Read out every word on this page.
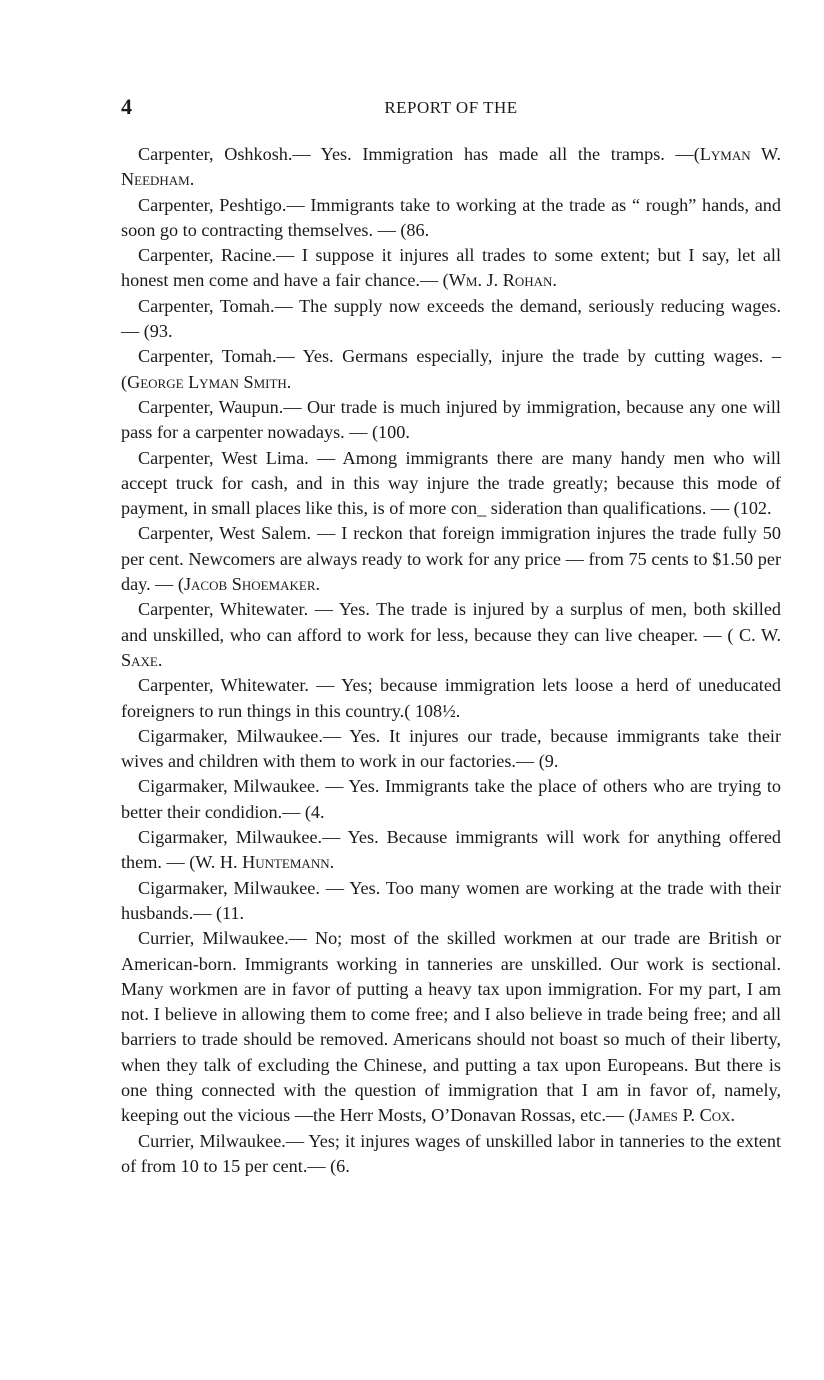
4	REPORT OF THE

Carpenter, Oshkosh.— Yes. Immigration has made all the tramps. —(Lyman W. Needham.

Carpenter, Peshtigo.— Immigrants take to working at the trade as “ rough” hands, and soon go to contracting themselves. — (86.

Carpenter, Racine.— I suppose it injures all trades to some extent; but I say, let all honest men come and have a fair chance.— (Wm. J. Rohan.

Carpenter, Tomah.— The supply now exceeds the demand, seriously reducing wages. — (93.

Carpenter, Tomah.— Yes. Germans especially, injure the trade by cutting wages. – (George Lyman Smith.

Carpenter, Waupun.— Our trade is much injured by immigration, because any one will pass for a carpenter nowadays. — (100.

Carpenter, West Lima. — Among immigrants there are many handy men who will accept truck for cash, and in this way injure the trade greatly; because this mode of payment, in small places like this, is of more con_ sideration than qualifications. — (102.

Carpenter, West Salem. — I reckon that foreign immigration injures the trade fully 50 per cent. Newcomers are always ready to work for any price — from 75 cents to $1.50 per day. — (Jacob Shoemaker.

Carpenter, Whitewater. — Yes. The trade is injured by a surplus of men, both skilled and unskilled, who can afford to work for less, because they can live cheaper. — ( C. W. Saxe.

Carpenter, Whitewater. — Yes; because immigration lets loose a herd of uneducated foreigners to run things in this country.( 108½.

Cigarmaker, Milwaukee.— Yes. It injures our trade, because immigrants take their wives and children with them to work in our factories.— (9.

Cigarmaker, Milwaukee. — Yes. Immigrants take the place of others who are trying to better their condidion.— (4.

Cigarmaker, Milwaukee.— Yes. Because immigrants will work for anything offered them. — (W. H. Huntemann.

Cigarmaker, Milwaukee. — Yes. Too many women are working at the trade with their husbands.— (11.

Currier, Milwaukee.— No; most of the skilled workmen at our trade are British or American-born. Immigrants working in tanneries are unskilled. Our work is sectional. Many workmen are in favor of putting a heavy tax upon immigration. For my part, I am not. I believe in allowing them to come free; and I also believe in trade being free; and all barriers to trade should be removed. Americans should not boast so much of their liberty, when they talk of excluding the Chinese, and putting a tax upon Europeans. But there is one thing connected with the question of immigration that I am in favor of, namely, keeping out the vicious —the Herr Mosts, O’Donavan Rossas, etc.— (James P. Cox.

Currier, Milwaukee.— Yes; it injures wages of unskilled labor in tanneries to the extent of from 10 to 15 per cent.— (6.
